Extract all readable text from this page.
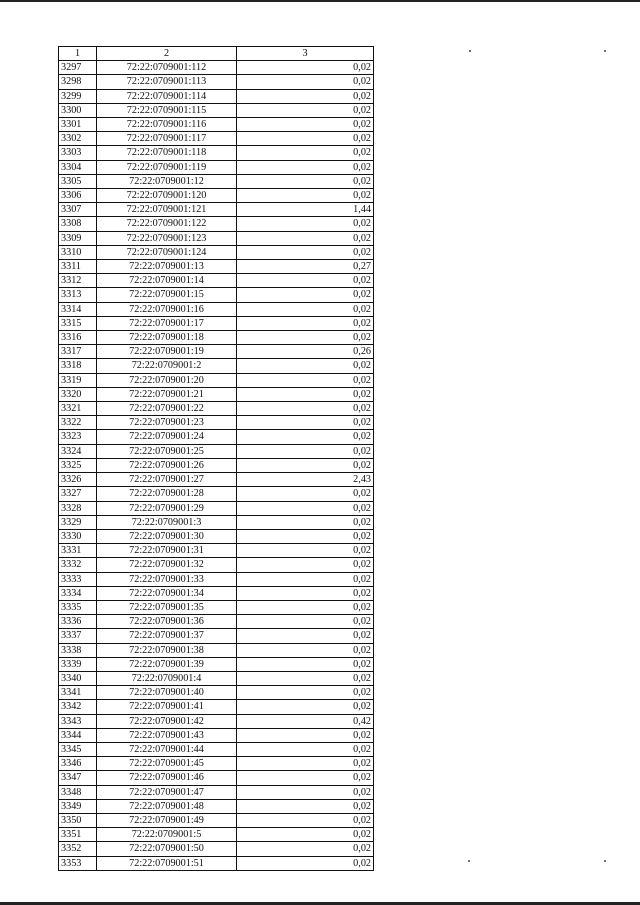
1	2	3
3297	72:22:0709001:112	0,02
3298	72:22:0709001:113	0,02
3299	72:22:0709001:114	0,02
3300	72:22:0709001:115	0,02
3301	72:22:0709001:116	0,02
3302	72:22:0709001:117	0,02
3303	72:22:0709001:118	0,02
3304	72:22:0709001:119	0,02
3305	72:22:0709001:12	0,02
3306	72:22:0709001:120	0,02
3307	72:22:0709001:121	1,44
3308	72:22:0709001:122	0,02
3309	72:22:0709001:123	0,02
3310	72:22:0709001:124	0,02
3311	72:22:0709001:13	0,27
3312	72:22:0709001:14	0,02
3313	72:22:0709001:15	0,02
3314	72:22:0709001:16	0,02
3315	72:22:0709001:17	0,02
3316	72:22:0709001:18	0,02
3317	72:22:0709001:19	0,26
3318	72:22:0709001:2	0,02
3319	72:22:0709001:20	0,02
3320	72:22:0709001:21	0,02
3321	72:22:0709001:22	0,02
3322	72:22:0709001:23	0,02
3323	72:22:0709001:24	0,02
3324	72:22:0709001:25	0,02
3325	72:22:0709001:26	0,02
3326	72:22:0709001:27	2,43
3327	72:22:0709001:28	0,02
3328	72:22:0709001:29	0,02
3329	72:22:0709001:3	0,02
3330	72:22:0709001:30	0,02
3331	72:22:0709001:31	0,02
3332	72:22:0709001:32	0,02
3333	72:22:0709001:33	0,02
3334	72:22:0709001:34	0,02
3335	72:22:0709001:35	0,02
3336	72:22:0709001:36	0,02
3337	72:22:0709001:37	0,02
3338	72:22:0709001:38	0,02
3339	72:22:0709001:39	0,02
3340	72:22:0709001:4	0,02
3341	72:22:0709001:40	0,02
3342	72:22:0709001:41	0,02
3343	72:22:0709001:42	0,42
3344	72:22:0709001:43	0,02
3345	72:22:0709001:44	0,02
3346	72:22:0709001:45	0,02
3347	72:22:0709001:46	0,02
3348	72:22:0709001:47	0,02
3349	72:22:0709001:48	0,02
3350	72:22:0709001:49	0,02
3351	72:22:0709001:5	0,02
3352	72:22:0709001:50	0,02
3353	72:22:0709001:51	0,02
